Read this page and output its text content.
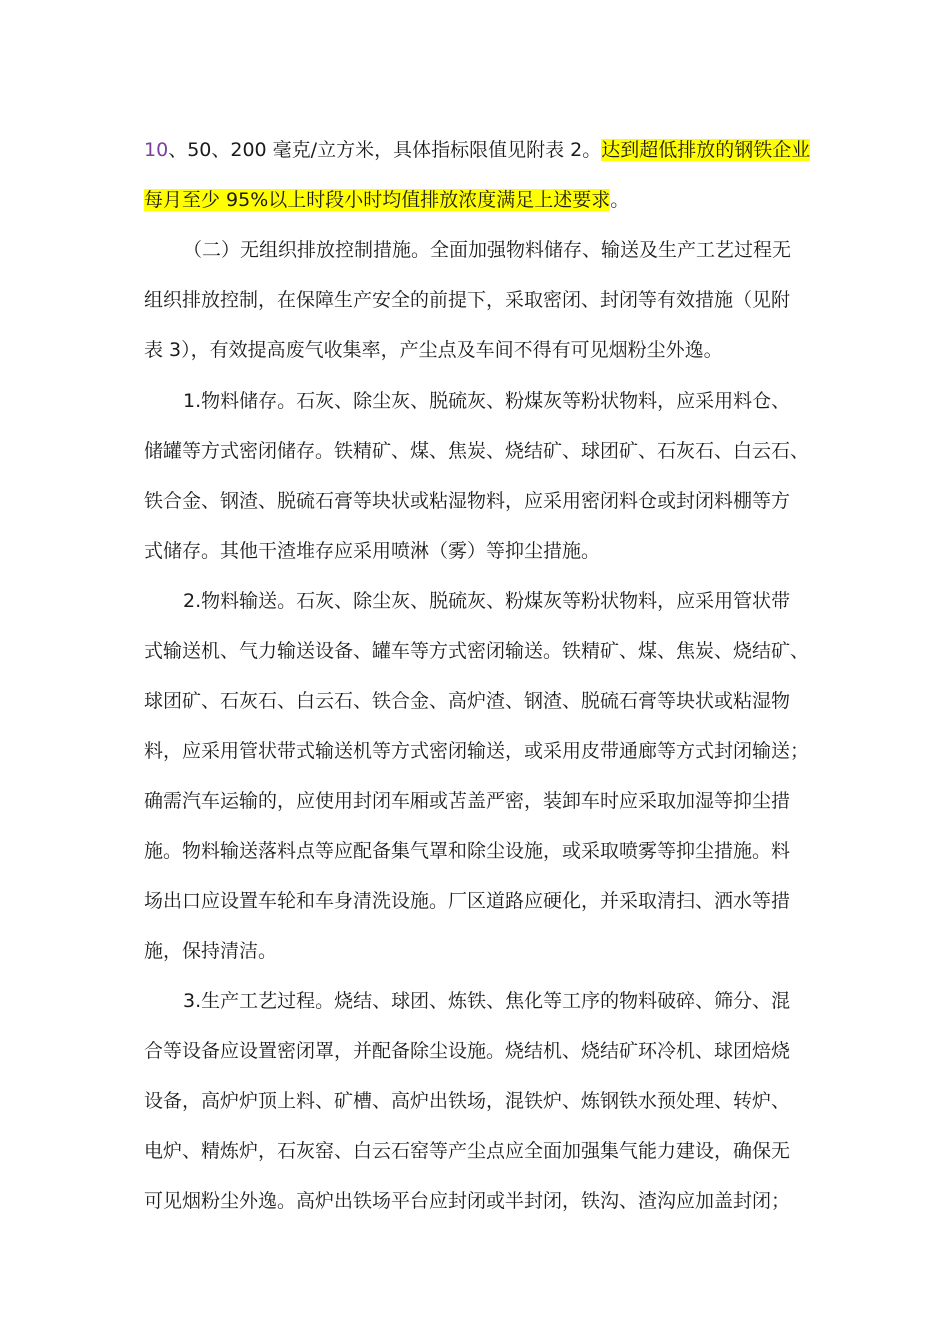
10、50、200 毫克/立方米，具体指标限值见附表 2。达到超低排放的钢铁企业
每月至少 95%以上时段小时均值排放浓度满足上述要求。
（二）无组织排放控制措施。全面加强物料储存、输送及生产工艺过程无
组织排放控制，在保障生产安全的前提下，采取密闭、封闭等有效措施（见附
表 3），有效提高废气收集率，产尘点及车间不得有可见烟粉尘外逸。
1.物料储存。石灰、除尘灰、脱硫灰、粉煤灰等粉状物料，应采用料仓、
储罐等方式密闭储存。铁精矿、煤、焦炭、烧结矿、球团矿、石灰石、白云石、
铁合金、钢渣、脱硫石膏等块状或粘湿物料，应采用密闭料仓或封闭料棚等方
式储存。其他干渣堆存应采用喷淋（雾）等抑尘措施。
2.物料输送。石灰、除尘灰、脱硫灰、粉煤灰等粉状物料，应采用管状带
式输送机、气力输送设备、罐车等方式密闭输送。铁精矿、煤、焦炭、烧结矿、
球团矿、石灰石、白云石、铁合金、高炉渣、钢渣、脱硫石膏等块状或粘湿物
料，应采用管状带式输送机等方式密闭输送，或采用皮带通廊等方式封闭输送；
确需汽车运输的，应使用封闭车厢或苫盖严密，装卸车时应采取加湿等抑尘措
施。物料输送落料点等应配备集气罩和除尘设施，或采取喷雾等抑尘措施。料
场出口应设置车轮和车身清洗设施。厂区道路应硬化，并采取清扫、洒水等措
施，保持清洁。
3.生产工艺过程。烧结、球团、炼铁、焦化等工序的物料破碎、筛分、混
合等设备应设置密闭罩，并配备除尘设施。烧结机、烧结矿环冷机、球团焙烧
设备，高炉炉顶上料、矿槽、高炉出铁场，混铁炉、炼钢铁水预处理、转炉、
电炉、精炼炉，石灰窑、白云石窑等产尘点应全面加强集气能力建设，确保无
可见烟粉尘外逸。高炉出铁场平台应封闭或半封闭，铁沟、渣沟应加盖封闭；
